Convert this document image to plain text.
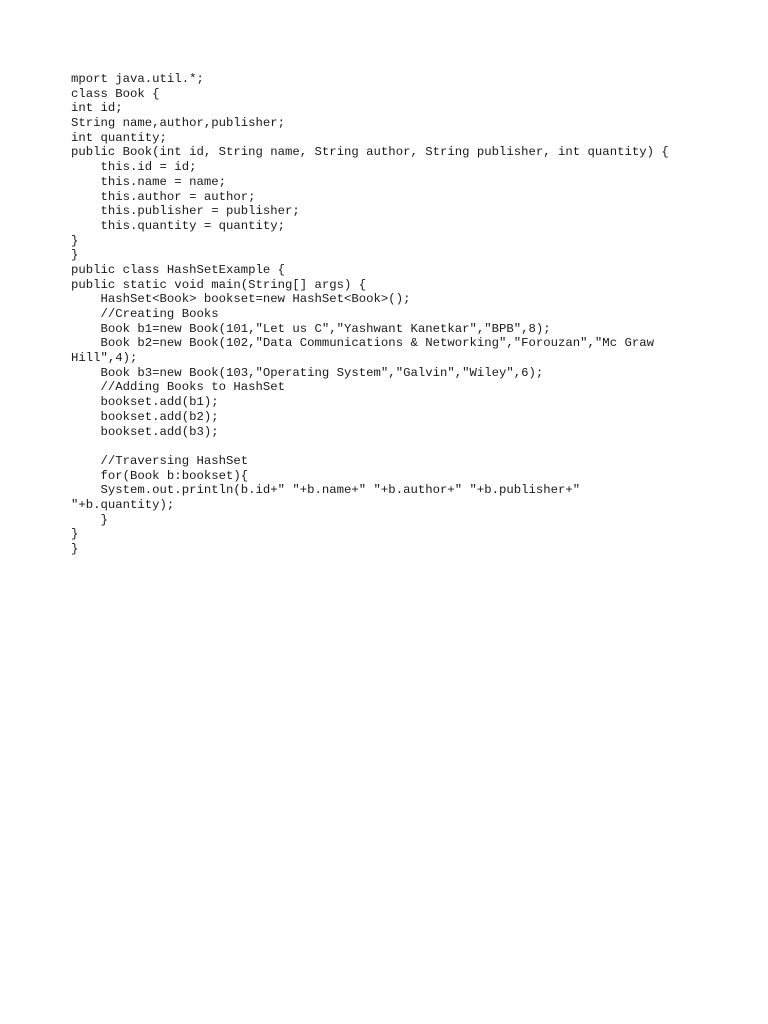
mport java.util.*;
class Book {
int id;
String name,author,publisher;
int quantity;
public Book(int id, String name, String author, String publisher, int quantity) {
this.id = id;
this.name = name;
this.author = author;
this.publisher = publisher;
this.quantity = quantity;
}
}
public class HashSetExample {
public static void main(String[] args) {
HashSet<Book> bookset=new HashSet<Book>();
//Creating Books
Book b1=new Book(101,"Let us C","Yashwant Kanetkar","BPB",8);
Book b2=new Book(102,"Data Communications & Networking","Forouzan","Mc Graw
Hill",4);
Book b3=new Book(103,"Operating System","Galvin","Wiley",6);
//Adding Books to HashSet
bookset.add(b1);
bookset.add(b2);
bookset.add(b3);
//Traversing HashSet
for(Book b:bookset){
System.out.println(b.id+" "+b.name+" "+b.author+" "+b.publisher+"
"+b.quantity);
}
}
}
